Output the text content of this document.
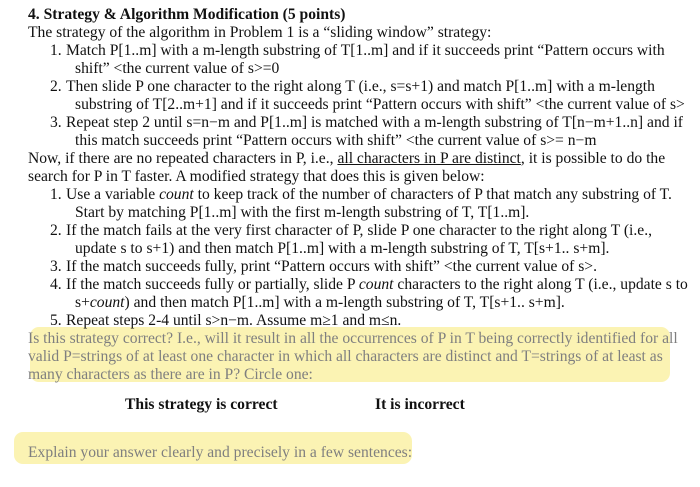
4. Strategy & Algorithm Modification (5 points)
The strategy of the algorithm in Problem 1 is a “sliding window” strategy:
1. Match P[1..m] with a m-length substring of T[1..m] and if it succeeds print “Pattern occurs with
shift” <the current value of s>=0
2. Then slide P one character to the right along T (i.e., s=s+1) and match P[1..m] with a m-length
substring of T[2..m+1] and if it succeeds print “Pattern occurs with shift” <the current value of s>
3. Repeat step 2 until s=n−m and P[1..m] is matched with a m-length substring of T[n−m+1..n] and if
this match succeeds print “Pattern occurs with shift” <the current value of s>= n−m
Now, if there are no repeated characters in P, i.e., all characters in P are distinct, it is possible to do the
search for P in T faster. A modified strategy that does this is given below:
1. Use a variable count to keep track of the number of characters of P that match any substring of T.
Start by matching P[1..m] with the first m-length substring of T, T[1..m].
2. If the match fails at the very first character of P, slide P one character to the right along T (i.e.,
update s to s+1) and then match P[1..m] with a m-length substring of T, T[s+1.. s+m].
3. If the match succeeds fully, print “Pattern occurs with shift” <the current value of s>.
4. If the match succeeds fully or partially, slide P count characters to the right along T (i.e., update s to
s+count) and then match P[1..m] with a m-length substring of T, T[s+1.. s+m].
5. Repeat steps 2-4 until s>n−m. Assume m≥1 and m≤n.
Is this strategy correct? I.e., will it result in all the occurrences of P in T being correctly identified for all
valid P=strings of at least one character in which all characters are distinct and T=strings of at least as
many characters as there are in P? Circle one:
This strategy is correct	It is incorrect
Explain your answer clearly and precisely in a few sentences:
